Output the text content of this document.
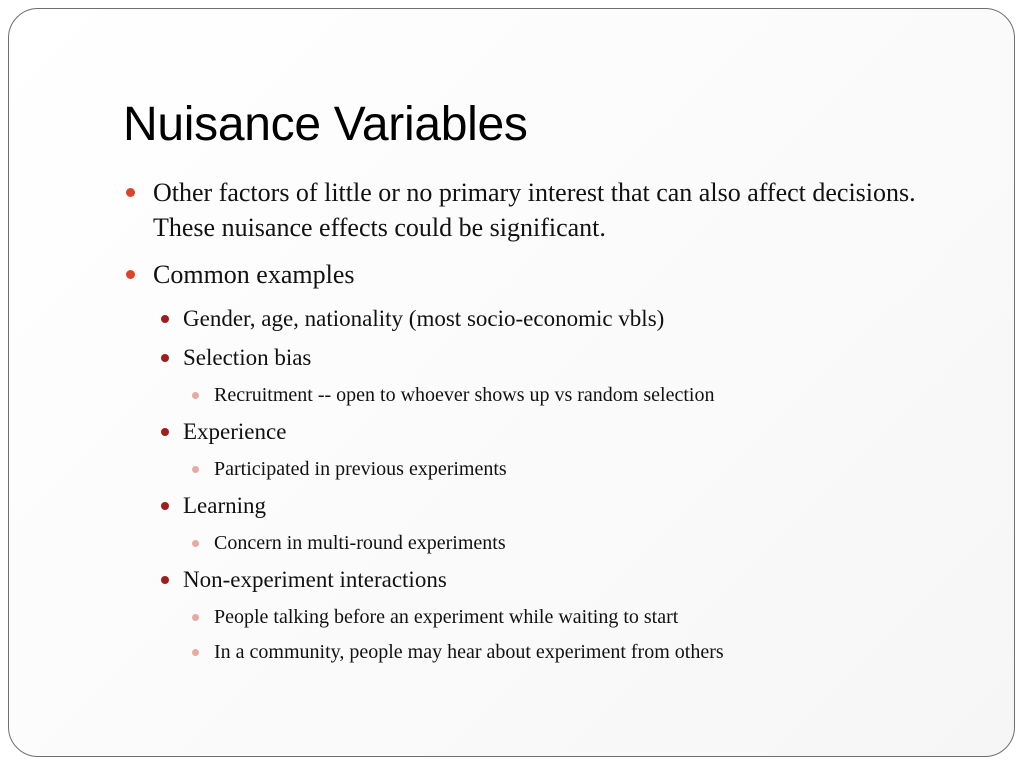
Nuisance Variables
Other factors of little or no primary interest that can also affect decisions. These nuisance effects could be significant.
Common examples
Gender, age, nationality (most socio-economic vbls)
Selection bias
Recruitment -- open to whoever shows up vs random selection
Experience
Participated in previous experiments
Learning
Concern in multi-round experiments
Non-experiment interactions
People talking before an experiment while waiting to start
In a community, people may hear about experiment from others
